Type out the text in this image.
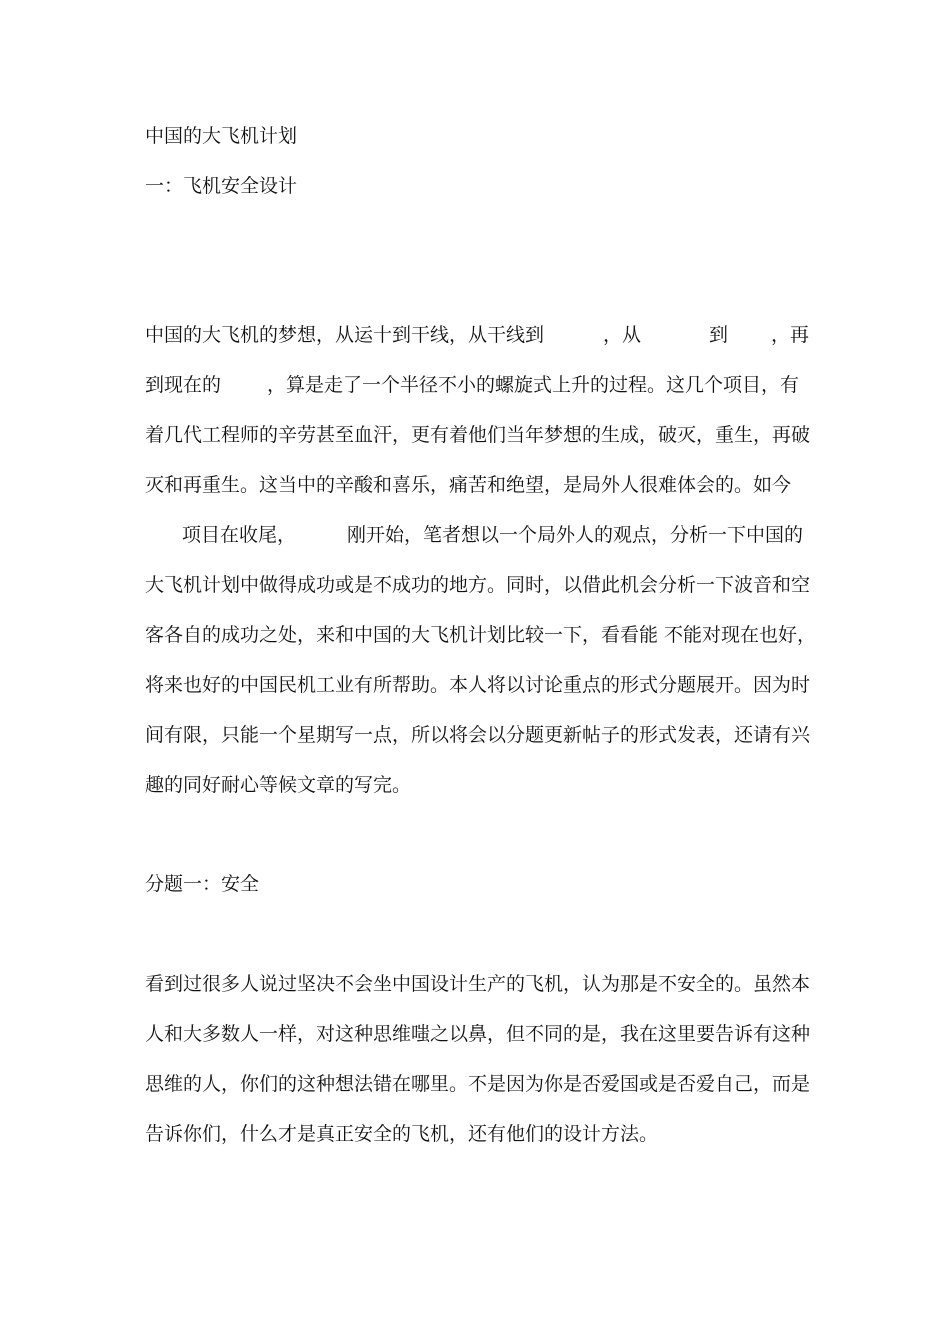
中国的大飞机计划

一：飞机安全设计

中国的大飞机的梦想，从运十到干线，从干线到	，从	到 ，再
到现在的 ，算是走了一个半径不小的螺旋式上升的过程。这几个项目，有

着几代工程师的辛劳甚至血汗，更有着他们当年梦想的生成，破灭，重生，再破

灭和再重生。这当中的辛酸和喜乐，痛苦和绝望，是局外人很难体会的。如今

项目在收尾，	刚开始，笔者想以一个局外人的观点，分析一下中国的

大飞机计划中做得成功或是不成功的地方。同时，以借此机会分析一下波音和空

客各自的成功之处，来和中国的大飞机计划比较一下，看看能 不能对现在也好，

将来也好的中国民机工业有所帮助。本人将以讨论重点的形式分题展开。因为时

间有限，只能一个星期写一点，所以将会以分题更新帖子的形式发表，还请有兴

趣的同好耐心等候文章的写完。

分题一：安全

看到过很多人说过坚决不会坐中国设计生产的飞机，认为那是不安全的。虽然本

人和大多数人一样，对这种思维嗤之以鼻，但不同的是，我在这里要告诉有这种

思维的人，你们的这种想法错在哪里。不是因为你是否爱国或是否爱自己，而是

告诉你们，什么才是真正安全的飞机，还有他们的设计方法。
